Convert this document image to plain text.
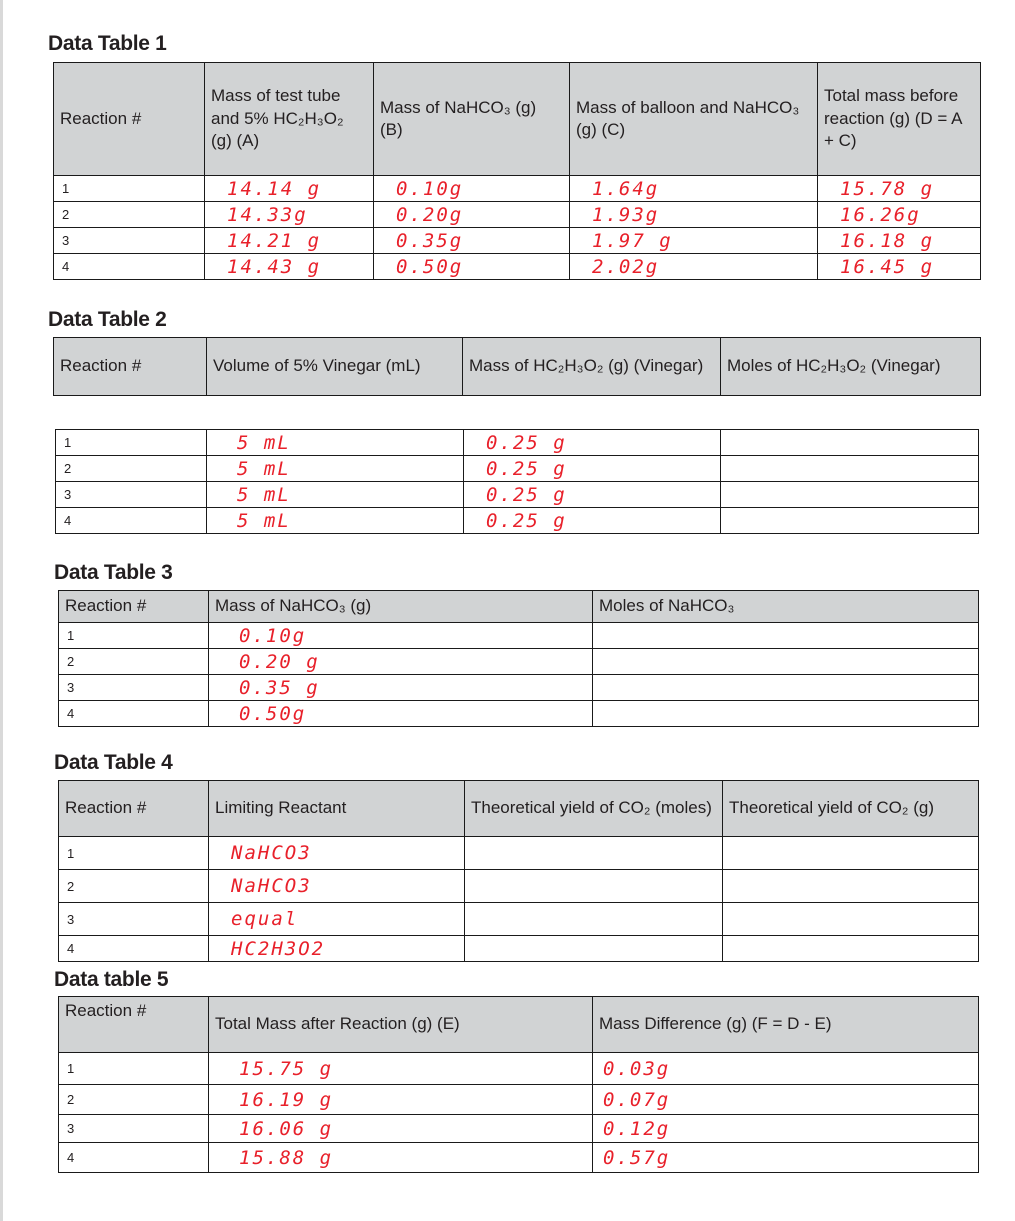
Data Table 1
Reaction #	Mass of test tube and 5% HC₂H₃O₂ (g) (A)	Mass of NaHCO₃ (g) (B)	Mass of balloon and NaHCO₃ (g) (C)	Total mass before reaction (g) (D = A + C)
1	14.14 g	0.10g	1.64g	15.78 g
2	14.33g	0.20g	1.93g	16.26g
3	14.21 g	0.35g	1.97 g	16.18 g
4	14.43 g	0.50g	2.02g	16.45 g
Data Table 2
Reaction #	Volume of 5% Vinegar (mL)	Mass of HC₂H₃O₂ (g) (Vinegar)	Moles of HC₂H₃O₂ (Vinegar)
1	5 mL	0.25 g	
2	5 mL	0.25 g	
3	5 mL	0.25 g	
4	5 mL	0.25 g	
Data Table 3
Reaction #	Mass of NaHCO₃ (g)	Moles of NaHCO₃
1	0.10g	
2	0.20 g	
3	0.35 g	
4	0.50g	
Data Table 4
Reaction #	Limiting Reactant	Theoretical yield of CO₂ (moles)	Theoretical yield of CO₂ (g)
1	NaHCO3		
2	NaHCO3		
3	equal		
4	HC2H3O2		
Data table 5
Reaction #	Total Mass after Reaction (g) (E)	Mass Difference (g) (F = D - E)
1	15.75 g	0.03g
2	16.19 g	0.07g
3	16.06 g	0.12g
4	15.88 g	0.57g
